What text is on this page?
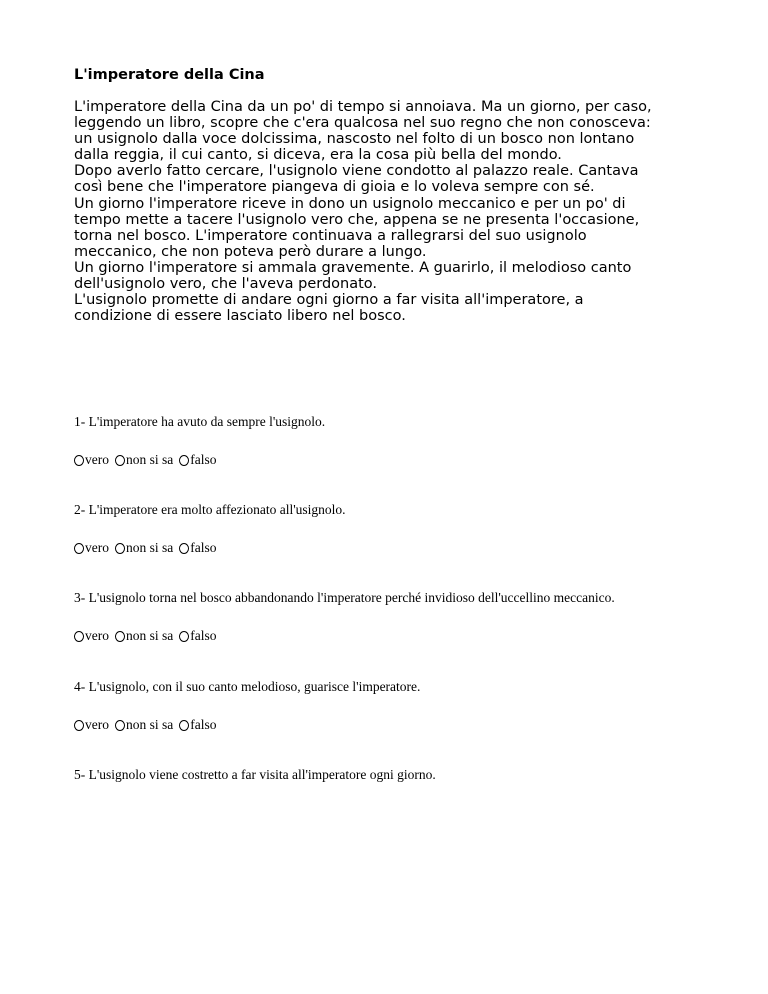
L'imperatore della Cina
L'imperatore della Cina da un po' di tempo si annoiava. Ma un giorno, per caso,
leggendo un libro, scopre che c'era qualcosa nel suo regno che non conosceva:
un usignolo dalla voce dolcissima, nascosto nel folto di un bosco non lontano
dalla reggia, il cui canto, si diceva, era la cosa più bella del mondo.
Dopo averlo fatto cercare, l'usignolo viene condotto al palazzo reale. Cantava
così bene che l'imperatore piangeva di gioia e lo voleva sempre con sé.
Un giorno l'imperatore riceve in dono un usignolo meccanico e per un po' di
tempo mette a tacere l'usignolo vero che, appena se ne presenta l'occasione,
torna nel bosco. L'imperatore continuava a rallegrarsi del suo usignolo
meccanico, che non poteva però durare a lungo.
Un giorno l'imperatore si ammala gravemente. A guarirlo, il melodioso canto
dell'usignolo vero, che l'aveva perdonato.
L'usignolo promette di andare ogni giorno a far visita all'imperatore, a
condizione di essere lasciato libero nel bosco.
1- L'imperatore ha avuto da sempre l'usignolo.
vero non si sa falso
2- L'imperatore era molto affezionato all'usignolo.
vero non si sa falso
3- L'usignolo torna nel bosco abbandonando l'imperatore perché invidioso dell'uccellino meccanico.
vero non si sa falso
4- L'usignolo, con il suo canto melodioso, guarisce l'imperatore.
vero non si sa falso
5- L'usignolo viene costretto a far visita all'imperatore ogni giorno.
